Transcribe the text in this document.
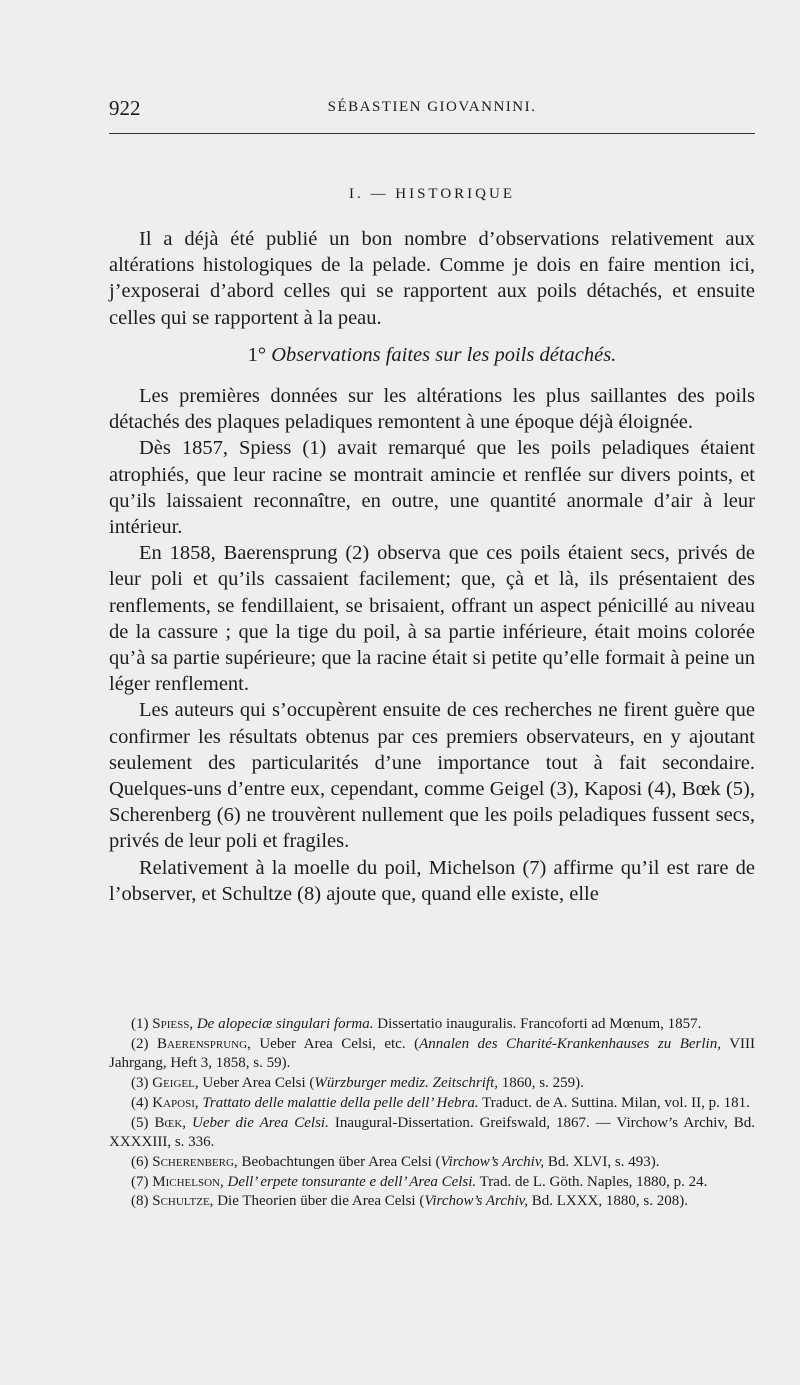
922	SÉBASTIEN GIOVANNINI.
I. — HISTORIQUE

Il a déjà été publié un bon nombre d’observations relativement aux altérations histologiques de la pelade. Comme je dois en faire mention ici, j’exposerai d’abord celles qui se rapportent aux poils détachés, et ensuite celles qui se rapportent à la peau.

1° Observations faites sur les poils détachés.

Les premières données sur les altérations les plus saillantes des poils détachés des plaques peladiques remontent à une époque déjà éloignée.

Dès 1857, Spiess (1) avait remarqué que les poils peladiques étaient atrophiés, que leur racine se montrait amincie et renflée sur divers points, et qu’ils laissaient reconnaître, en outre, une quantité anormale d’air à leur intérieur.

En 1858, Baerensprung (2) observa que ces poils étaient secs, privés de leur poli et qu’ils cassaient facilement; que, çà et là, ils présentaient des renflements, se fendillaient, se brisaient, offrant un aspect pénicillé au niveau de la cassure ; que la tige du poil, à sa partie inférieure, était moins colorée qu’à sa partie supérieure; que la racine était si petite qu’elle formait à peine un léger renflement.

Les auteurs qui s’occupèrent ensuite de ces recherches ne firent guère que confirmer les résultats obtenus par ces premiers observateurs, en y ajoutant seulement des particularités d’une importance tout à fait secondaire. Quelques-uns d’entre eux, cependant, comme Geigel (3), Kaposi (4), Bœk (5), Scherenberg (6) ne trouvèrent nullement que les poils peladiques fussent secs, privés de leur poli et fragiles.

Relativement à la moelle du poil, Michelson (7) affirme qu’il est rare de l’observer, et Schultze (8) ajoute que, quand elle existe, elle

(1) Spiess, De alopeciæ singulari forma. Dissertatio inauguralis. Francoforti ad Mœnum, 1857.

(2) Baerensprung, Ueber Area Celsi, etc. (Annalen des Charité-Krankenhauses zu Berlin, VIII Jahrgang, Heft 3, 1858, s. 59).

(3) Geigel, Ueber Area Celsi (Würzburger mediz. Zeitschrift, 1860, s. 259).

(4) Kaposi, Trattato delle malattie della pelle dell’ Hebra. Traduct. de A. Suttina. Milan, vol. II, p. 181.

(5) Bœk, Ueber die Area Celsi. Inaugural-Dissertation. Greifswald, 1867. — Virchow’s Archiv, Bd. XXXXIII, s. 336.

(6) Scherenberg, Beobachtungen über Area Celsi (Virchow’s Archiv, Bd. XLVI, s. 493).

(7) Michelson, Dell’ erpete tonsurante e dell’ Area Celsi. Trad. de L. Göth. Naples, 1880, p. 24.

(8) Schultze, Die Theorien über die Area Celsi (Virchow’s Archiv, Bd. LXXX, 1880, s. 208).
